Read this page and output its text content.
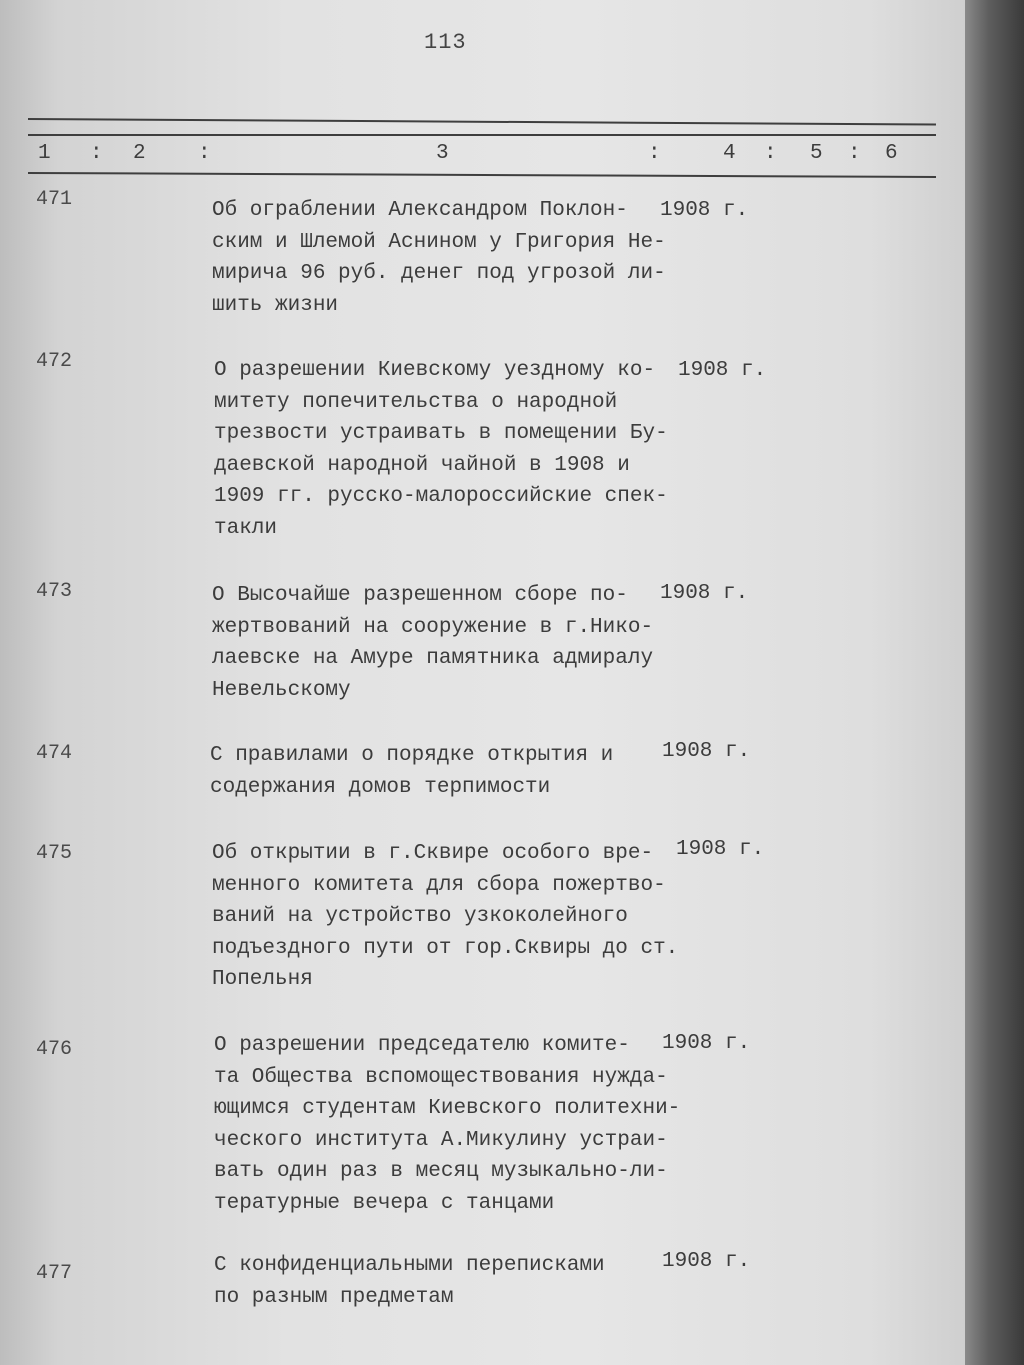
113
1 : 2 :	3	:	4 : 5 : 6
471	Об ограблении Александром Поклон-
ским и Шлемой Аснином у Григория Не-
мирича 96 руб. денег под угрозой ли-
шить жизни
1908 г.
472	О разрешении Киевскому уездному ко-
митету попечительства о народной
трезвости устраивать в помещении Бу-
даевской народной чайной в 1908 и
1909 гг. русско-малороссийские спек-
такли
1908 г.
473	О Высочайше разрешенном сборе по-
жертвований на сооружение в г.Нико-
лаевске на Амуре памятника адмиралу
Невельскому
1908 г.
474	С правилами о порядке открытия и
содержания домов терпимости
1908 г.
475	Об открытии в г.Сквире особого вре-
менного комитета для сбора пожертво-
ваний на устройство узкоколейного
подъездного пути от гор.Сквиры до ст.
Попельня
1908 г.
476	О разрешении председателю комите-
та Общества вспомоществования нужда-
ющимся студентам Киевского политехни-
ческого института А.Микулину устраи-
вать один раз в месяц музыкально-ли-
тературные вечера с танцами
1908 г.
477	С конфиденциальными переписками
по разным предметам
1908 г.
